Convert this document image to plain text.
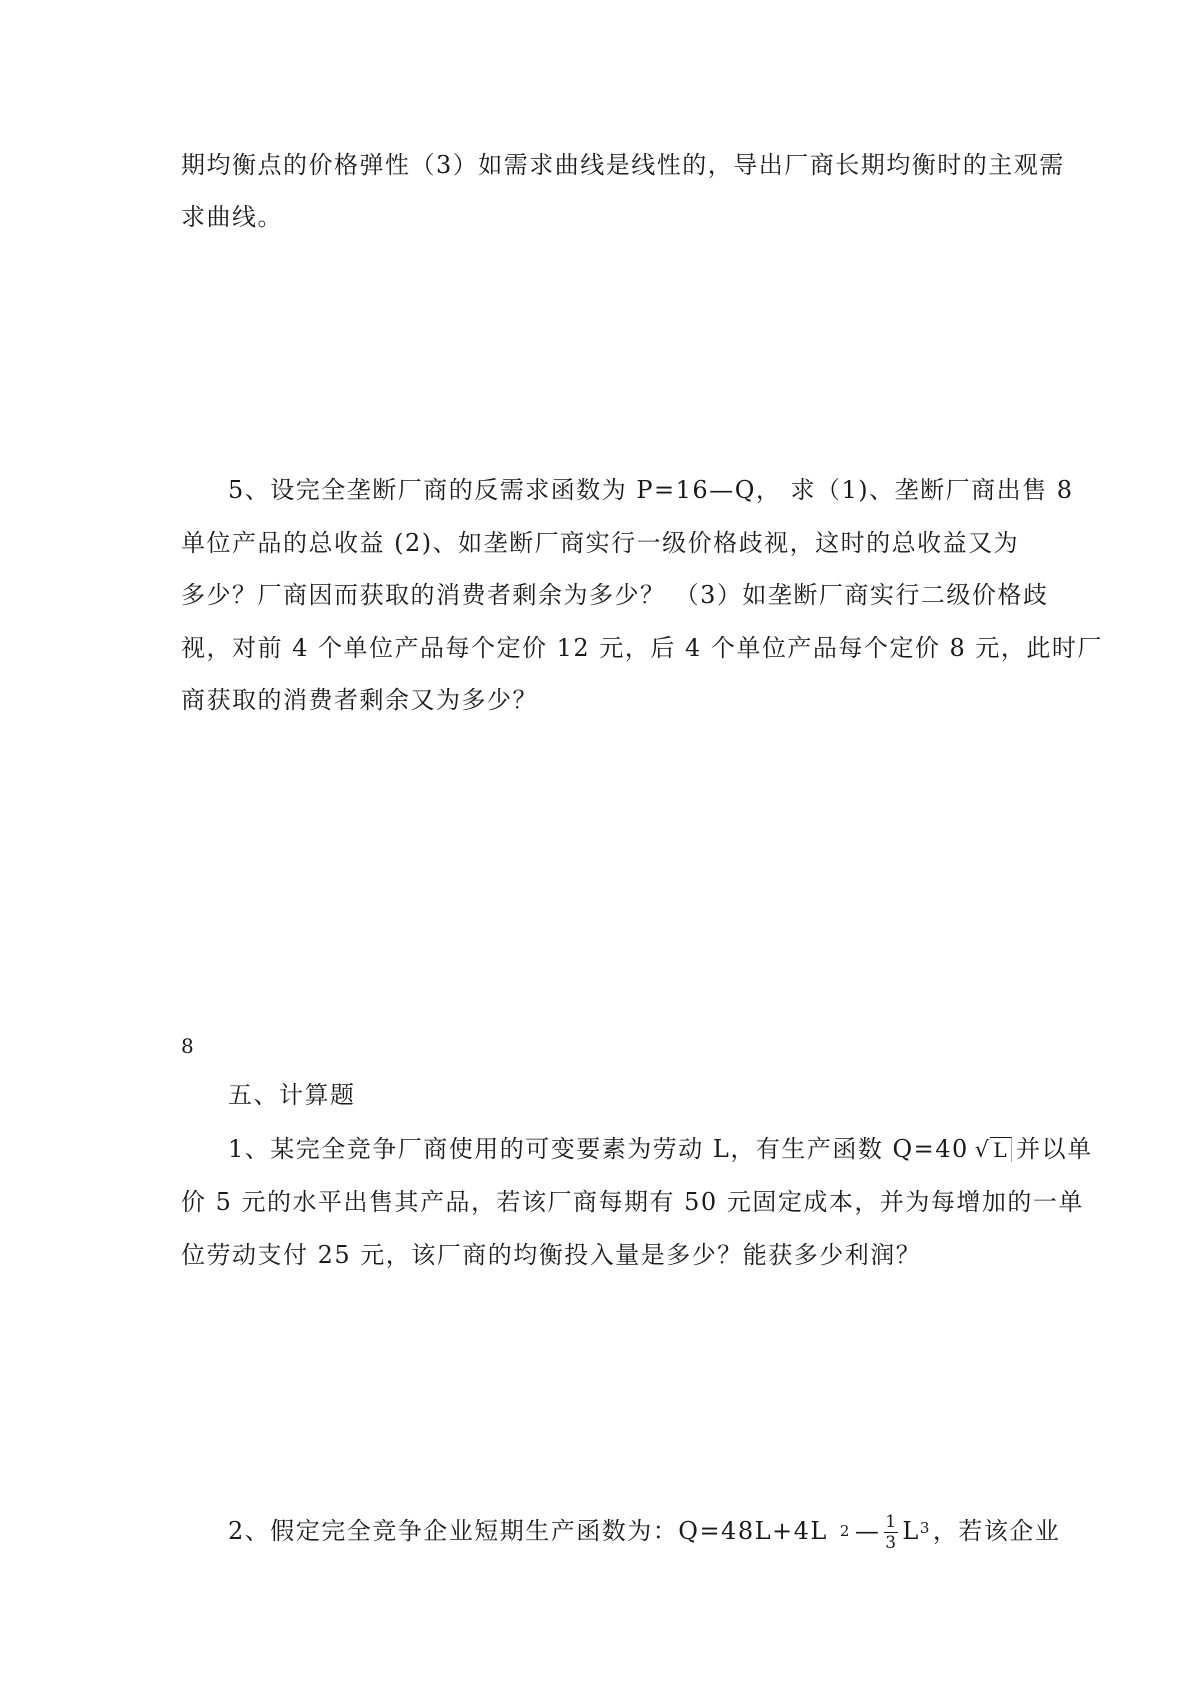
期均衡点的价格弹性（3）如需求曲线是线性的，导出厂商长期均衡时的主观需
求曲线。
5、设完全垄断厂商的反需求函数为 P=16—Q， 求（1)、垄断厂商出售 8
单位产品的总收益 (2)、如垄断厂商实行一级价格歧视，这时的总收益又为
多少？厂商因而获取的消费者剩余为多少？ （3）如垄断厂商实行二级价格歧
视，对前 4 个单位产品每个定价 12 元，后 4 个单位产品每个定价 8 元，此时厂
商获取的消费者剩余又为多少？
8
五、计算题
1、某完全竞争厂商使用的可变要素为劳动 L，有生产函数 Q=40 √ L 并以单
价 5 元的水平出售其产品，若该厂商每期有 50 元固定成本，并为每增加的一单
位劳动支付 25 元，该厂商的均衡投入量是多少？能获多少利润？
2、假定完全竞争企业短期生产函数为：Q=48L+4L 2 — $\frac{1}{3} L^3$，若该企业
